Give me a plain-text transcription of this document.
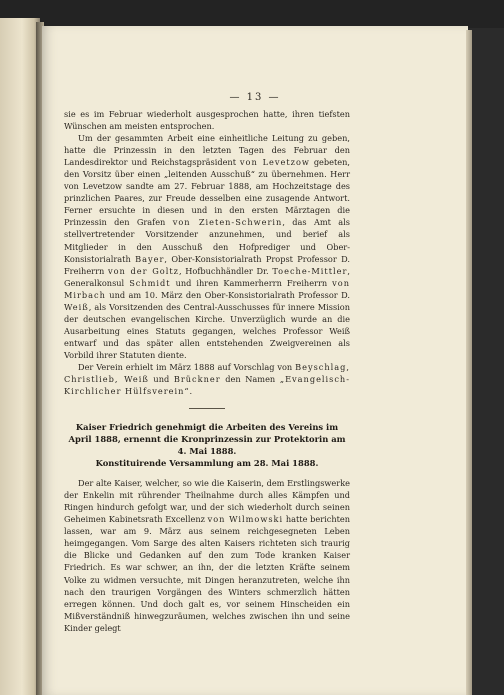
— 13 —

sie es im Februar wiederholt ausgesprochen hatte, ihren tiefsten Wünschen am meisten entsprochen.

Um der gesammten Arbeit eine einheitliche Leitung zu geben, hatte die Prinzessin in den letzten Tagen des Februar den Landesdirektor und Reichstagspräsident von Levetzow gebeten, den Vorsitz über einen „leitenden Ausschuß“ zu übernehmen. Herr von Levetzow sandte am 27. Februar 1888, am Hochzeitstage des prinzlichen Paares, zur Freude desselben eine zusagende Antwort. Ferner ersuchte in diesen und in den ersten Märztagen die Prinzessin den Grafen von Zieten-Schwerin, das Amt als stellvertretender Vorsitzender anzunehmen, und berief als Mitglieder in den Ausschuß den Hofprediger und Ober-Konsistorialrath Bayer, Ober-Konsistorialrath Propst Professor D. Freiherrn von der Goltz, Hofbuchhändler Dr. Toeche-Mittler, Generalkonsul Schmidt und ihren Kammerherrn Freiherrn von Mirbach und am 10. März den Ober-Konsistorialrath Professor D. Weiß, als Vorsitzenden des Central-Ausschusses für innere Mission der deutschen evangelischen Kirche. Unverzüglich wurde an die Ausarbeitung eines Statuts gegangen, welches Professor Weiß entwarf und das später allen entstehenden Zweigvereinen als Vorbild ihrer Statuten diente.

Der Verein erhielt im März 1888 auf Vorschlag von Beyschlag, Christlieb, Weiß und Brückner den Namen „Evangelisch-Kirchlicher Hülfsverein“.

Kaiser Friedrich genehmigt die Arbeiten des Vereins im April 1888, ernennt die Kronprinzessin zur Protektorin am 4. Mai 1888.
Konstituirende Versammlung am 28. Mai 1888.

Der alte Kaiser, welcher, so wie die Kaiserin, dem Erstlingswerke der Enkelin mit rührender Theilnahme durch alles Kämpfen und Ringen hindurch gefolgt war, und der sich wiederholt durch seinen Geheimen Kabinetsrath Excellenz von Wilmowski hatte berichten lassen, war am 9. März aus seinem reichgesegneten Leben heimgegangen. Vom Sarge des alten Kaisers richteten sich traurig die Blicke und Gedanken auf den zum Tode kranken Kaiser Friedrich. Es war schwer, an ihn, der die letzten Kräfte seinem Volke zu widmen versuchte, mit Dingen heranzutreten, welche ihn nach den traurigen Vorgängen des Winters schmerzlich hätten erregen können. Und doch galt es, vor seinem Hinscheiden ein Mißverständniß hinwegzuräumen, welches zwischen ihn und seine Kinder gelegt
